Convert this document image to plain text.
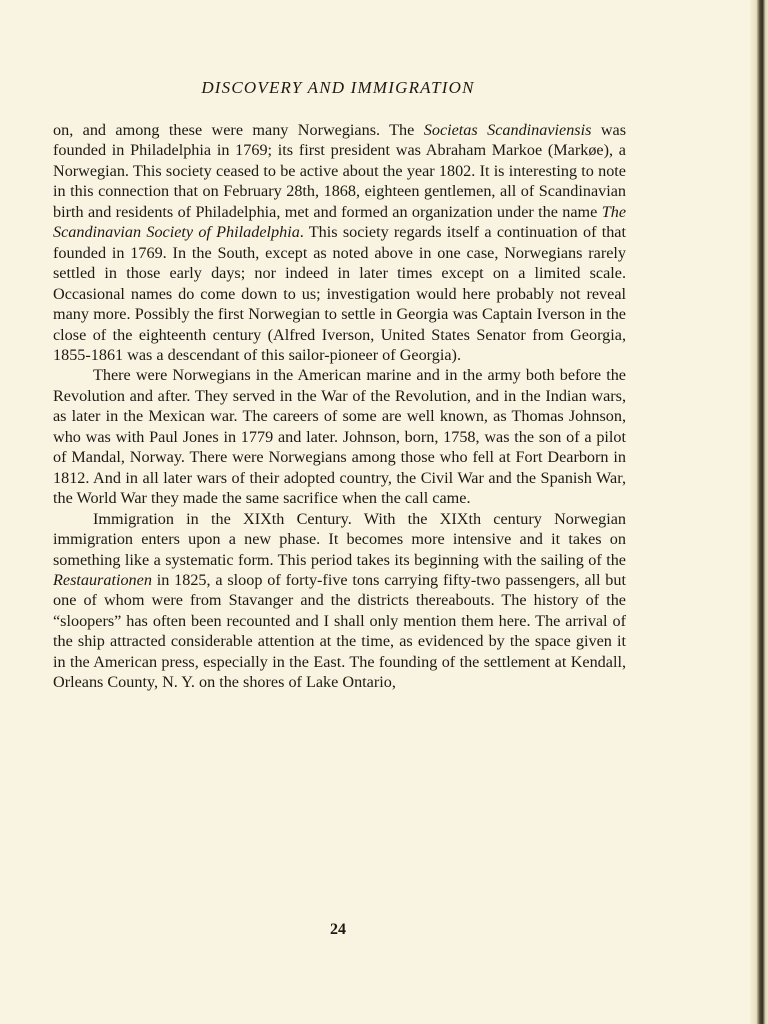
DISCOVERY AND IMMIGRATION

on, and among these were many Norwegians. The Societas Scandinaviensis was founded in Philadelphia in 1769; its first president was Abraham Markoe (Markøe), a Norwegian. This society ceased to be active about the year 1802. It is interesting to note in this connection that on February 28th, 1868, eighteen gentlemen, all of Scandinavian birth and residents of Philadelphia, met and formed an organization under the name The Scandinavian Society of Philadelphia. This society regards itself a continuation of that founded in 1769. In the South, except as noted above in one case, Norwegians rarely settled in those early days; nor indeed in later times except on a limited scale. Occasional names do come down to us; investigation would here probably not reveal many more. Possibly the first Norwegian to settle in Georgia was Captain Iverson in the close of the eighteenth century (Alfred Iverson, United States Senator from Georgia, 1855-1861 was a descendant of this sailor-pioneer of Georgia).

There were Norwegians in the American marine and in the army both before the Revolution and after. They served in the War of the Revolution, and in the Indian wars, as later in the Mexican war. The careers of some are well known, as Thomas Johnson, who was with Paul Jones in 1779 and later. Johnson, born, 1758, was the son of a pilot of Mandal, Norway. There were Norwegians among those who fell at Fort Dearborn in 1812. And in all later wars of their adopted country, the Civil War and the Spanish War, the World War they made the same sacrifice when the call came.

Immigration in the XIXth Century. With the XIXth century Norwegian immigration enters upon a new phase. It becomes more intensive and it takes on something like a systematic form. This period takes its beginning with the sailing of the Restaurationen in 1825, a sloop of forty-five tons carrying fifty-two passengers, all but one of whom were from Stavanger and the districts thereabouts. The history of the “sloopers” has often been recounted and I shall only mention them here. The arrival of the ship attracted considerable attention at the time, as evidenced by the space given it in the American press, especially in the East. The founding of the settlement at Kendall, Orleans County, N. Y. on the shores of Lake Ontario,

24
